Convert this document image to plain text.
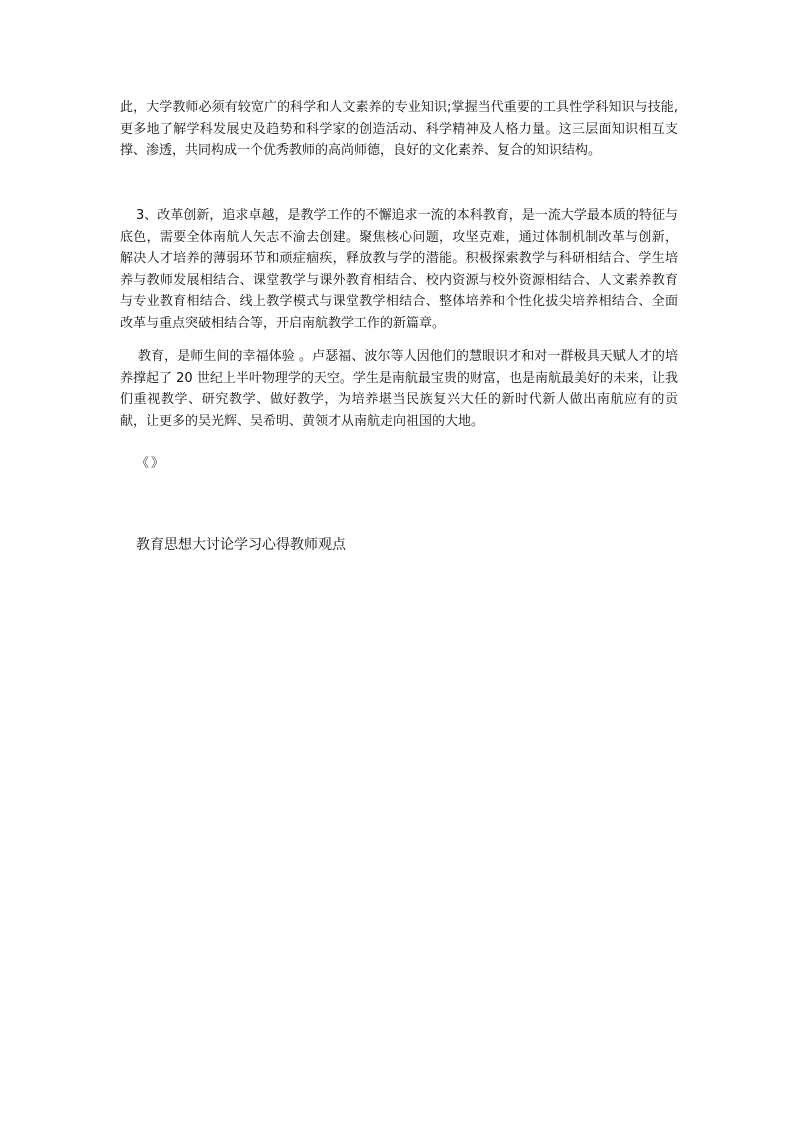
此，大学教师必须有较宽广的科学和人文素养的专业知识;掌握当代重要的工具性学科知识与技能,更多地了解学科发展史及趋势和科学家的创造活动、科学精神及人格力量。这三层面知识相互支撑、渗透，共同构成一个优秀教师的高尚师德，良好的文化素养、复合的知识结构。

3、改革创新，追求卓越，是教学工作的不懈追求一流的本科教育，是一流大学最本质的特征与底色，需要全体南航人矢志不渝去创建。聚焦核心问题，攻坚克难，通过体制机制改革与创新，解决人才培养的薄弱环节和顽症痼疾，释放教与学的潜能。积极探索教学与科研相结合、学生培养与教师发展相结合、课堂教学与课外教育相结合、校内资源与校外资源相结合、人文素养教育与专业教育相结合、线上教学模式与课堂教学相结合、整体培养和个性化拔尖培养相结合、全面改革与重点突破相结合等，开启南航教学工作的新篇章。

教育，是师生间的幸福体验 。卢瑟福、波尔等人因他们的慧眼识才和对一群极具天赋人才的培养撑起了 20 世纪上半叶物理学的天空。学生是南航最宝贵的财富，也是南航最美好的未来，让我们重视教学、研究教学、做好教学，为培养堪当民族复兴大任的新时代新人做出南航应有的贡献，让更多的吴光辉、吴希明、黄领才从南航走向祖国的大地。

《》
教育思想大讨论学习心得教师观点
